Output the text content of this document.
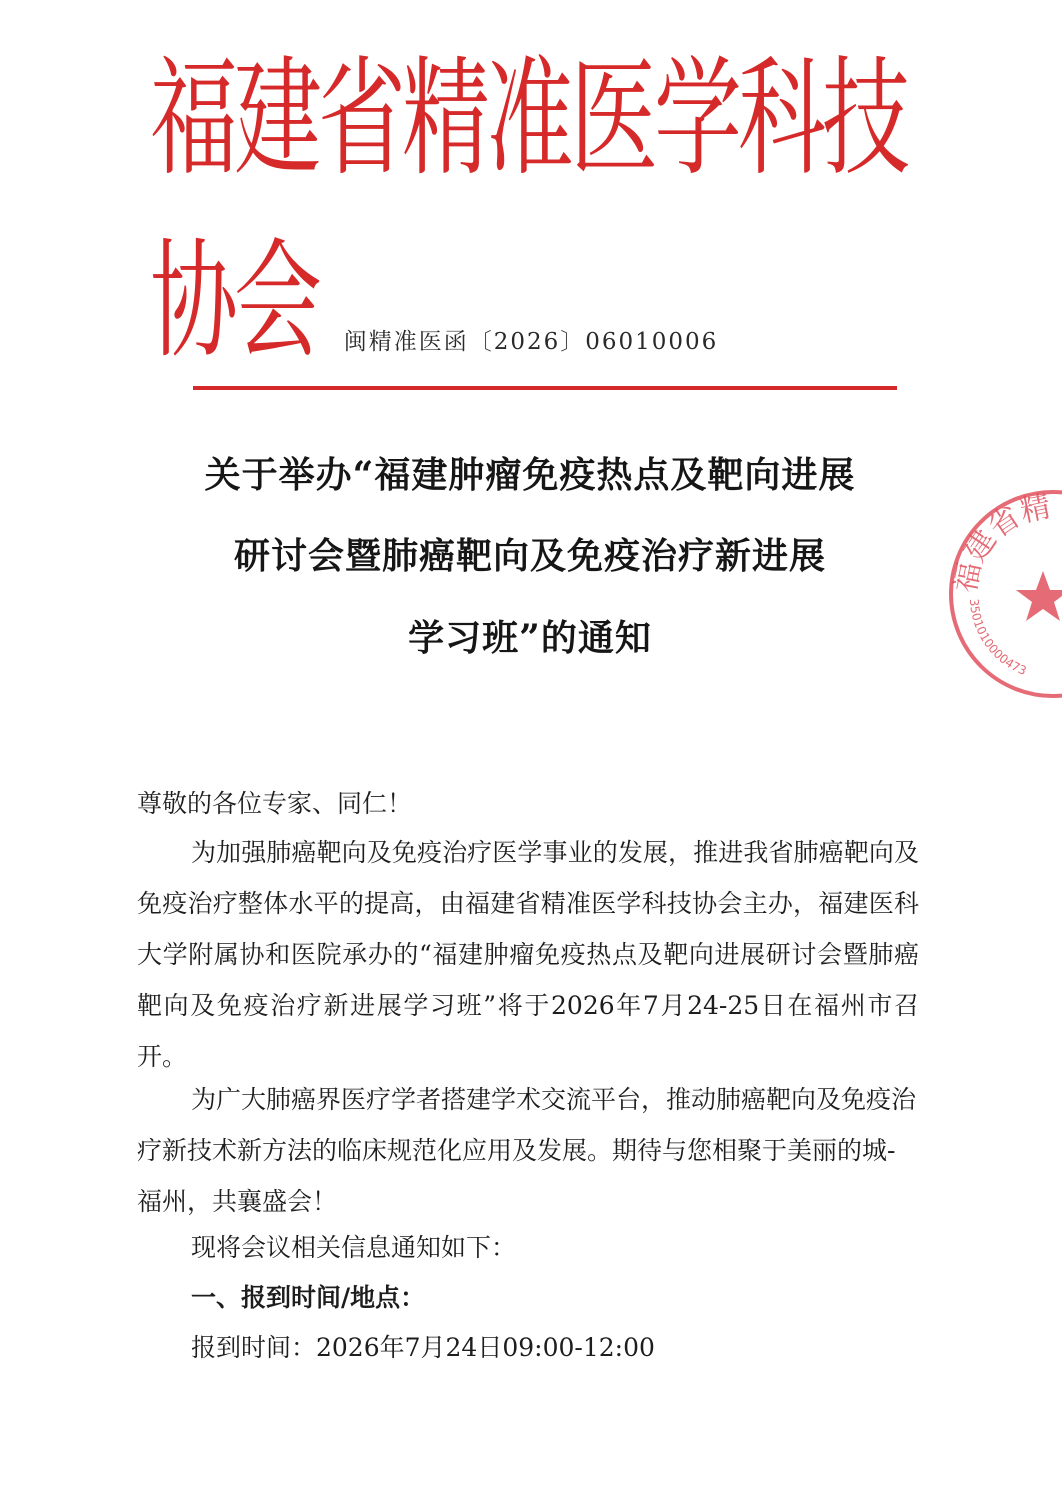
福建省精准医学科技协会	闽精准医函〔2026〕06010006
关于举办“福建肿瘤免疫热点及靶向进展
研讨会暨肺癌靶向及免疫治疗新进展
学习班”的通知
福建省精
3501010000473
尊敬的各位专家、同仁！
为加强肺癌靶向及免疫治疗医学事业的发展，推进我省肺癌靶向及免疫治疗整体水平的提高，由福建省精准医学科技协会主办，福建医科大学附属协和医院承办的“福建肿瘤免疫热点及靶向进展研讨会暨肺癌靶向及免疫治疗新进展学习班”将于2026年7月24-25日在福州市召开。
为广大肺癌界医疗学者搭建学术交流平台，推动肺癌靶向及免疫治疗新技术新方法的临床规范化应用及发展。期待与您相聚于美丽的城-福州，共襄盛会！
现将会议相关信息通知如下：
一、报到时间/地点：
报到时间：2026年7月24日09:00-12:00
